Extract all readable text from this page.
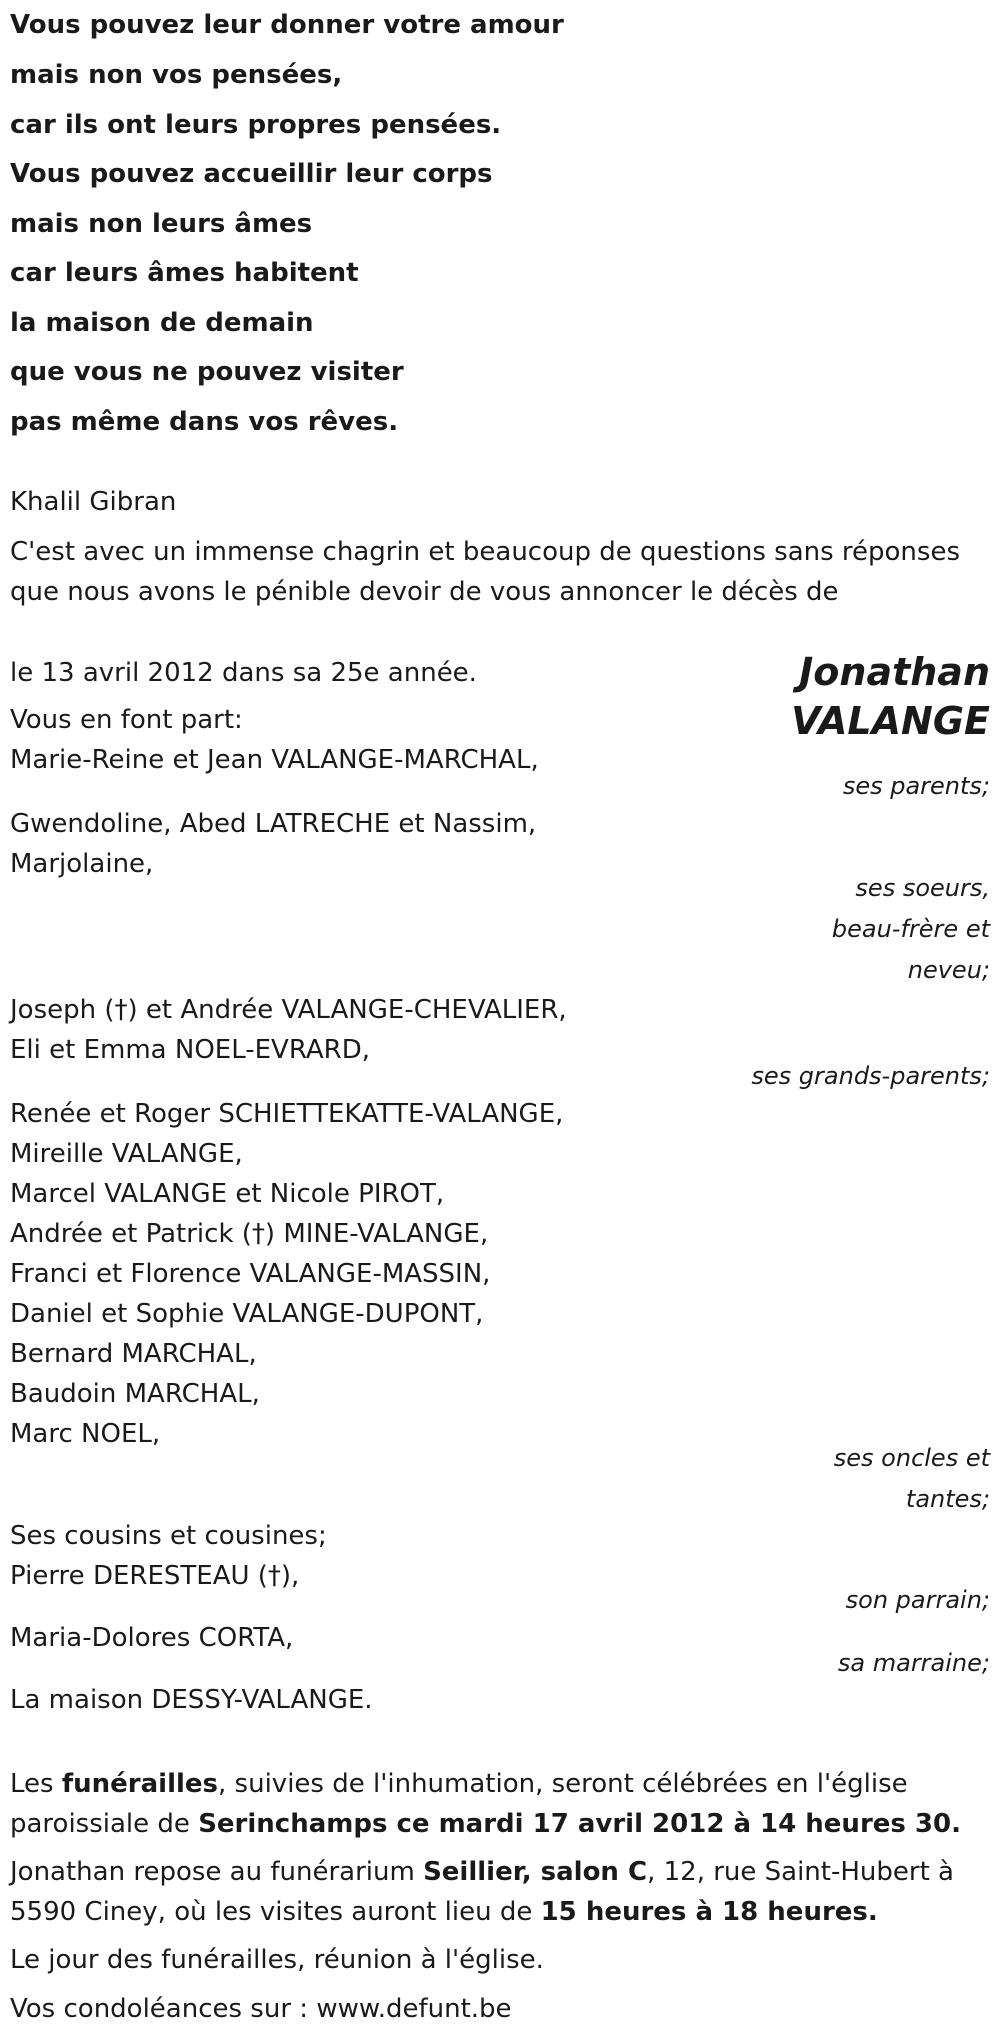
Vous pouvez leur donner votre amour

mais non vos pensées,

car ils ont leurs propres pensées.

Vous pouvez accueillir leur corps

mais non leurs âmes

car leurs âmes habitent

la maison de demain

que vous ne pouvez visiter

pas même dans vos rêves.

Khalil Gibran

C'est avec un immense chagrin et beaucoup de questions sans réponses

que nous avons le pénible devoir de vous annoncer le décès de

Jonathan
VALANGE

le 13 avril 2012 dans sa 25e année.

Vous en font part:

Marie-Reine et Jean VALANGE-MARCHAL,

ses parents;

Gwendoline, Abed LATRECHE et Nassim,

Marjolaine,

ses soeurs,
beau-frère et
neveu;

Joseph (†) et Andrée VALANGE-CHEVALIER,

Eli et Emma NOEL-EVRARD,

ses grands-parents;

Renée et Roger SCHIETTEKATTE-VALANGE,

Mireille VALANGE,

Marcel VALANGE et Nicole PIROT,

Andrée et Patrick (†) MINE-VALANGE,

Franci et Florence VALANGE-MASSIN,

Daniel et Sophie VALANGE-DUPONT,

Bernard MARCHAL,

Baudoin MARCHAL,

Marc NOEL,

ses oncles et
tantes;

Ses cousins et cousines;

Pierre DERESTEAU (†),

son parrain;

Maria-Dolores CORTA,

sa marraine;

La maison DESSY-VALANGE.

Les funérailles, suivies de l'inhumation, seront célébrées en l'église

paroissiale de Serinchamps ce mardi 17 avril 2012 à 14 heures 30.

Jonathan repose au funérarium Seillier, salon C, 12, rue Saint-Hubert à

5590 Ciney, où les visites auront lieu de 15 heures à 18 heures.

Le jour des funérailles, réunion à l'église.

Vos condoléances sur : www.defunt.be
